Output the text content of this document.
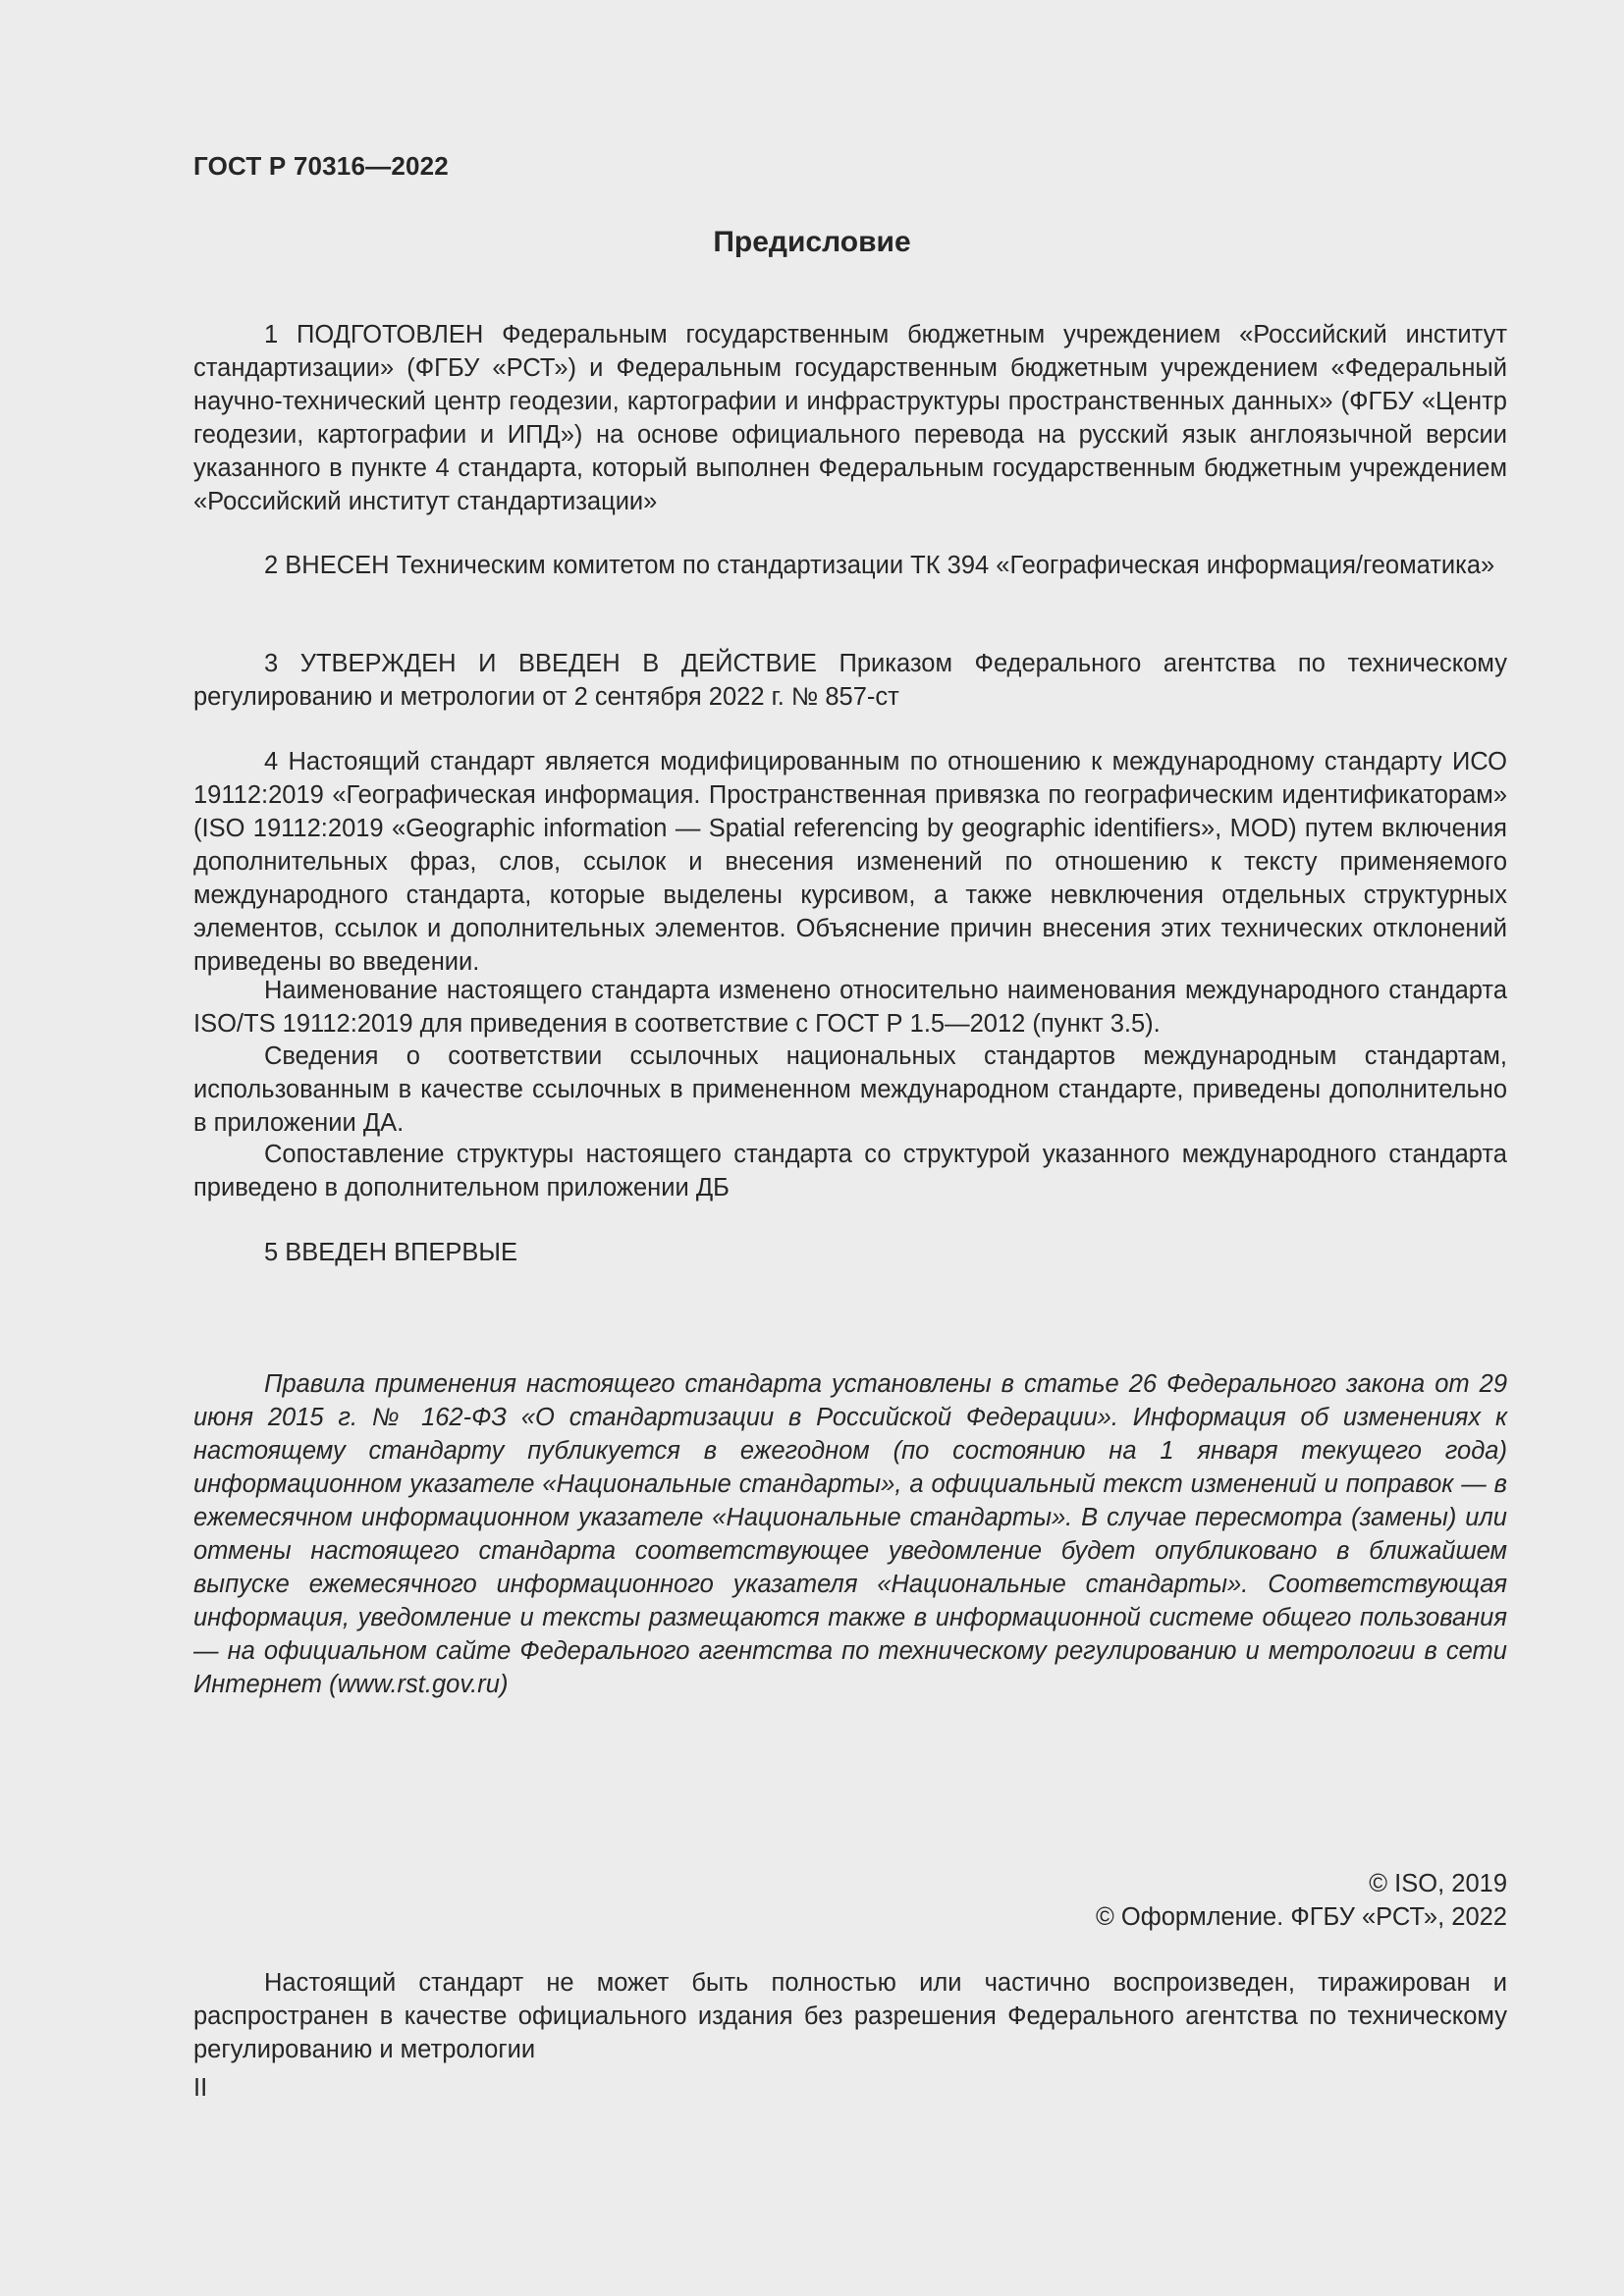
ГОСТ Р 70316—2022
Предисловие

1 ПОДГОТОВЛЕН Федеральным государственным бюджетным учреждением «Российский институт стандартизации» (ФГБУ «РСТ») и Федеральным государственным бюджетным учреждением «Федеральный научно-технический центр геодезии, картографии и инфраструктуры пространственных данных» (ФГБУ «Центр геодезии, картографии и ИПД») на основе официального перевода на русский язык англоязычной версии указанного в пункте 4 стандарта, который выполнен Федеральным государственным бюджетным учреждением «Российский институт стандартизации»

2 ВНЕСЕН Техническим комитетом по стандартизации ТК 394 «Географическая информация/геоматика»

3 УТВЕРЖДЕН И ВВЕДЕН В ДЕЙСТВИЕ Приказом Федерального агентства по техническому регулированию и метрологии от 2 сентября 2022 г. № 857-ст

4 Настоящий стандарт является модифицированным по отношению к международному стандарту ИСО 19112:2019 «Географическая информация. Пространственная привязка по географическим идентификаторам» (ISO 19112:2019 «Geographic information — Spatial referencing by geographic identifiers», MOD) путем включения дополнительных фраз, слов, ссылок и внесения изменений по отношению к тексту применяемого международного стандарта, которые выделены курсивом, а также невключения отдельных структурных элементов, ссылок и дополнительных элементов. Объяснение причин внесения этих технических отклонений приведены во введении.

Наименование настоящего стандарта изменено относительно наименования международного стандарта ISO/TS 19112:2019 для приведения в соответствие с ГОСТ Р 1.5—2012 (пункт 3.5).

Сведения о соответствии ссылочных национальных стандартов международным стандартам, использованным в качестве ссылочных в примененном международном стандарте, приведены дополнительно в приложении ДА.

Сопоставление структуры настоящего стандарта со структурой указанного международного стандарта приведено в дополнительном приложении ДБ

5 ВВЕДЕН ВПЕРВЫЕ

Правила применения настоящего стандарта установлены в статье 26 Федерального закона от 29 июня 2015 г. № 162-ФЗ «О стандартизации в Российской Федерации». Информация об изменениях к настоящему стандарту публикуется в ежегодном (по состоянию на 1 января текущего года) информационном указателе «Национальные стандарты», а официальный текст изменений и поправок — в ежемесячном информационном указателе «Национальные стандарты». В случае пересмотра (замены) или отмены настоящего стандарта соответствующее уведомление будет опубликовано в ближайшем выпуске ежемесячного информационного указателя «Национальные стандарты». Соответствующая информация, уведомление и тексты размещаются также в информационной системе общего пользования — на официальном сайте Федерального агентства по техническому регулированию и метрологии в сети Интернет (www.rst.gov.ru)

© ISO, 2019
© Оформление. ФГБУ «РСТ», 2022

Настоящий стандарт не может быть полностью или частично воспроизведен, тиражирован и распространен в качестве официального издания без разрешения Федерального агентства по техническому регулированию и метрологии

II
